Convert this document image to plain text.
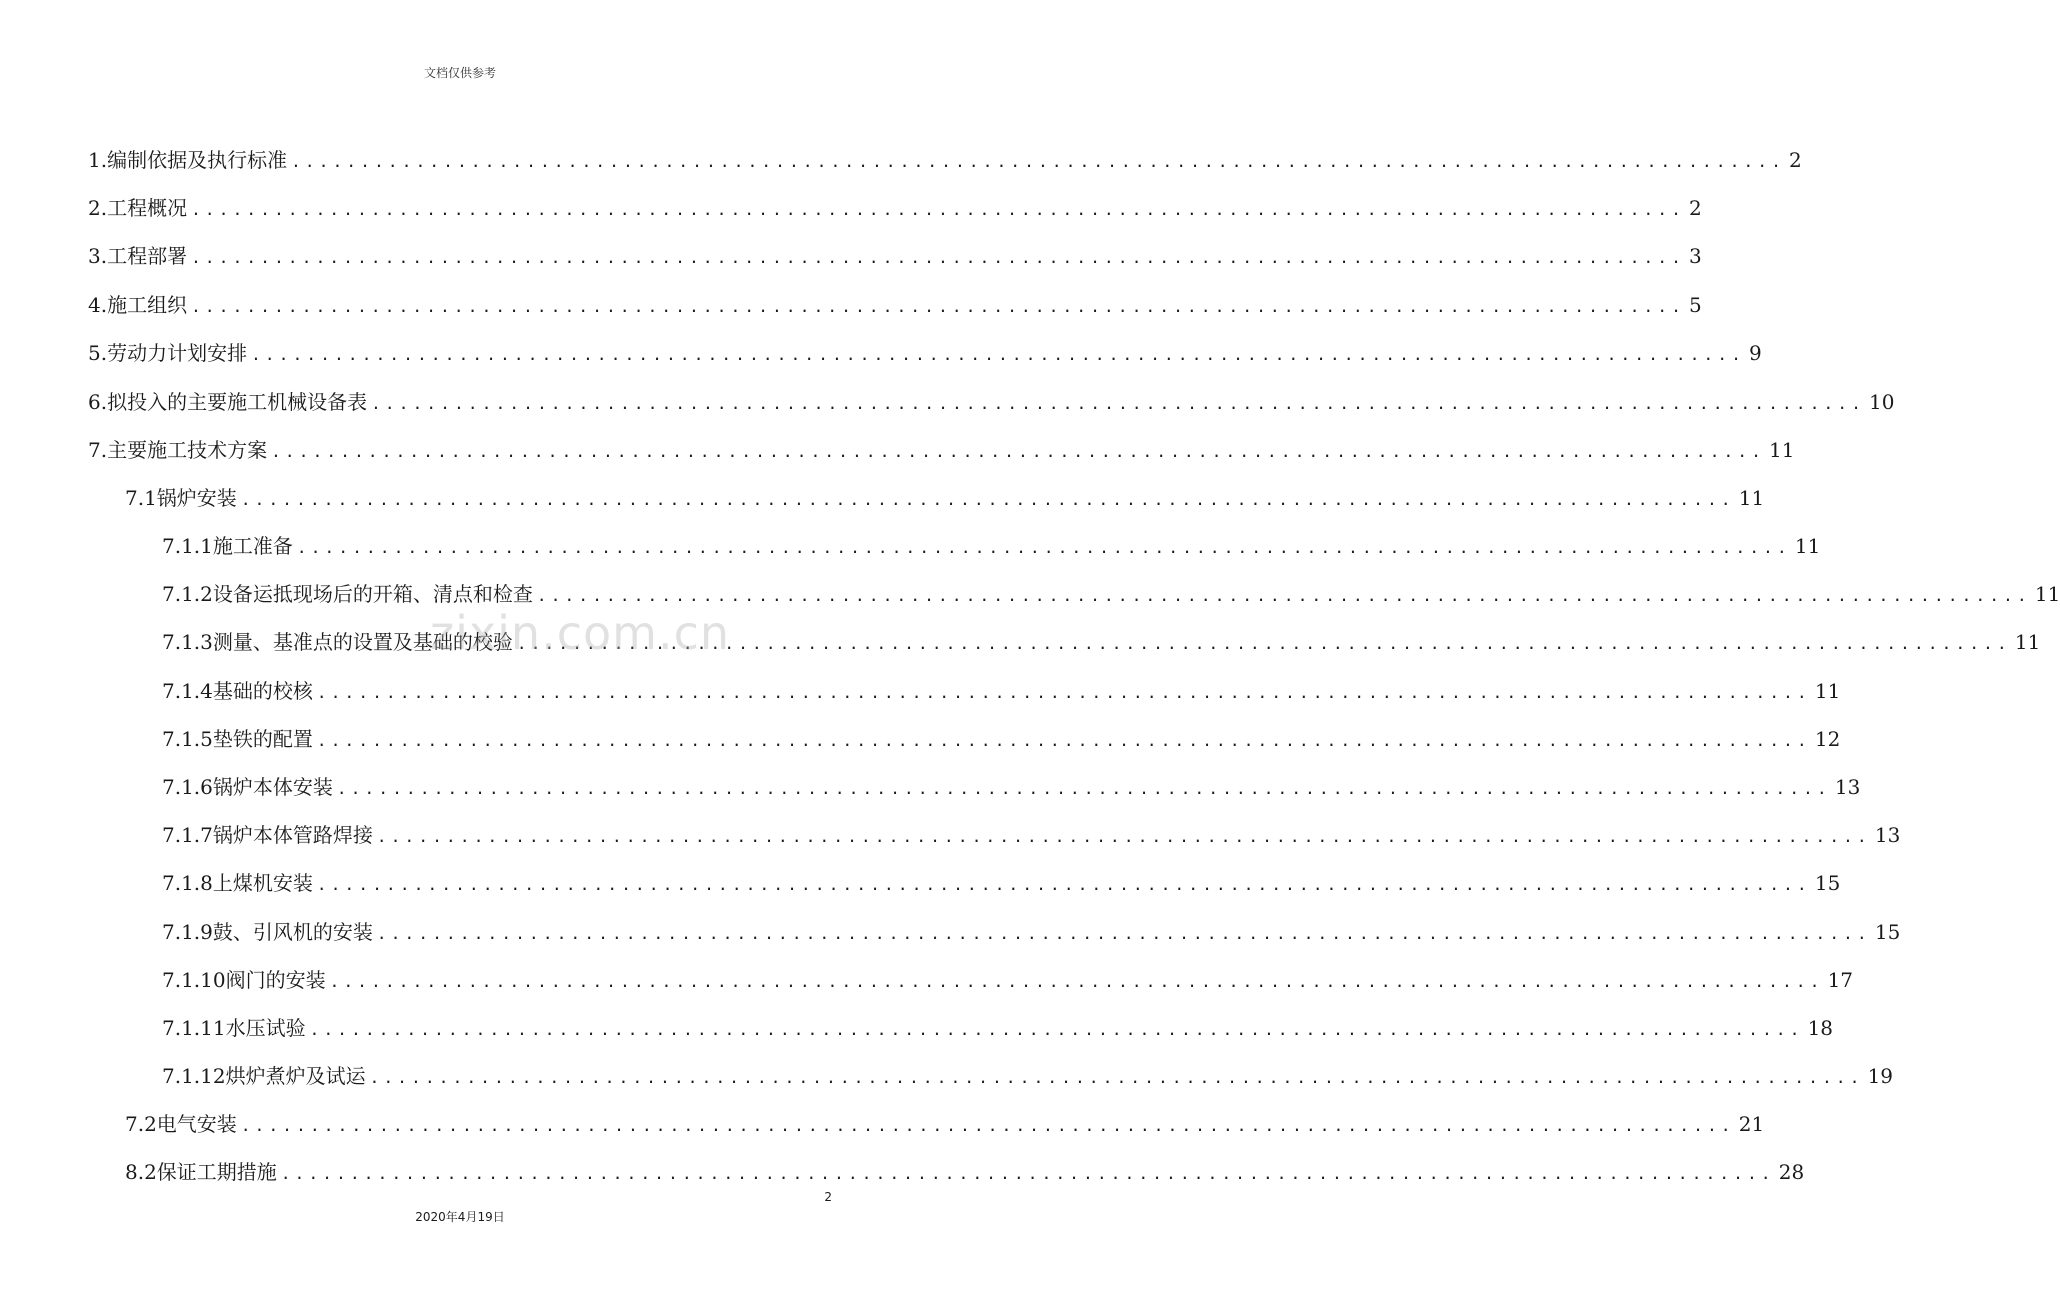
文档仅供参考
1.编制依据及执行标准 ............................................................................................................ 2
2.工程概况 ............................................................................................................ 2
3.工程部署 ............................................................................................................ 3
4.施工组织 ............................................................................................................ 5
5.劳动力计划安排 ............................................................................................................ 9
6.拟投入的主要施工机械设备表 ............................................................................................................ 10
7.主要施工技术方案 ............................................................................................................ 11
7.1锅炉安装 ............................................................................................................ 11
7.1.1施工准备 ............................................................................................................ 11
7.1.2设备运抵现场后的开箱、清点和检查 ............................................................................................................ 11
7.1.3测量、基准点的设置及基础的校验 ............................................................................................................ 11
7.1.4基础的校核 ............................................................................................................ 11
7.1.5垫铁的配置 ............................................................................................................ 12
7.1.6锅炉本体安装 ............................................................................................................ 13
7.1.7锅炉本体管路焊接 ............................................................................................................ 13
7.1.8上煤机安装 ............................................................................................................ 15
7.1.9鼓、引风机的安装 ............................................................................................................ 15
7.1.10阀门的安装 ............................................................................................................ 17
7.1.11水压试验 ............................................................................................................ 18
7.1.12烘炉煮炉及试运 ............................................................................................................ 19
7.2电气安装 ............................................................................................................ 21
8.2保证工期措施 ............................................................................................................ 28
zixin.com.cn
2
2020年4月19日
